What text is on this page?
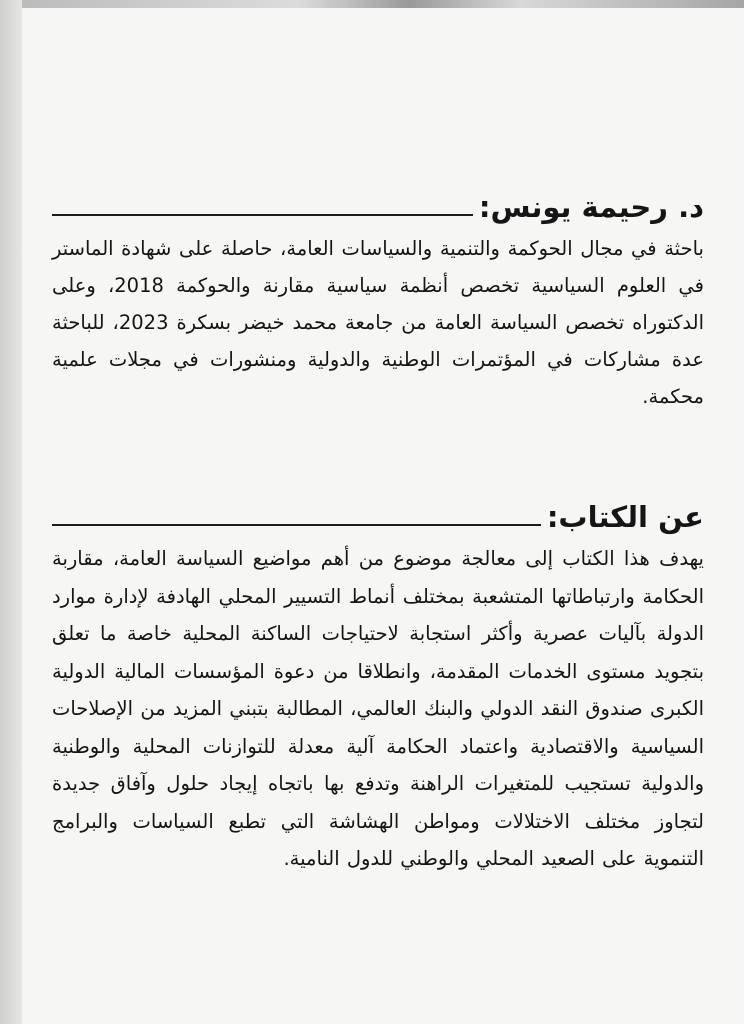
د. رحيمة يونس:

باحثة في مجال الحوكمة والتنمية والسياسات العامة، حاصلة على شهادة الماستر في العلوم السياسية تخصص أنظمة سياسية مقارنة والحوكمة 2018، وعلى الدكتوراه تخصص السياسة العامة من جامعة محمد خيضر بسكرة 2023، للباحثة عدة مشاركات في المؤتمرات الوطنية والدولية ومنشورات في مجلات علمية محكمة.

عن الكتاب:

يهدف هذا الكتاب إلى معالجة موضوع من أهم مواضيع السياسة العامة، مقاربة الحكامة وارتباطاتها المتشعبة بمختلف أنماط التسيير المحلي الهادفة لإدارة موارد الدولة بآليات عصرية وأكثر استجابة لاحتياجات الساكنة المحلية خاصة ما تعلق بتجويد مستوى الخدمات المقدمة، وانطلاقا من دعوة المؤسسات المالية الدولية الكبرى صندوق النقد الدولي والبنك العالمي، المطالبة بتبني المزيد من الإصلاحات السياسية والاقتصادية واعتماد الحكامة آلية معدلة للتوازنات المحلية والوطنية والدولية تستجيب للمتغيرات الراهنة وتدفع بها باتجاه إيجاد حلول وآفاق جديدة لتجاوز مختلف الاختلالات ومواطن الهشاشة التي تطبع السياسات والبرامج التنموية على الصعيد المحلي والوطني للدول النامية.
